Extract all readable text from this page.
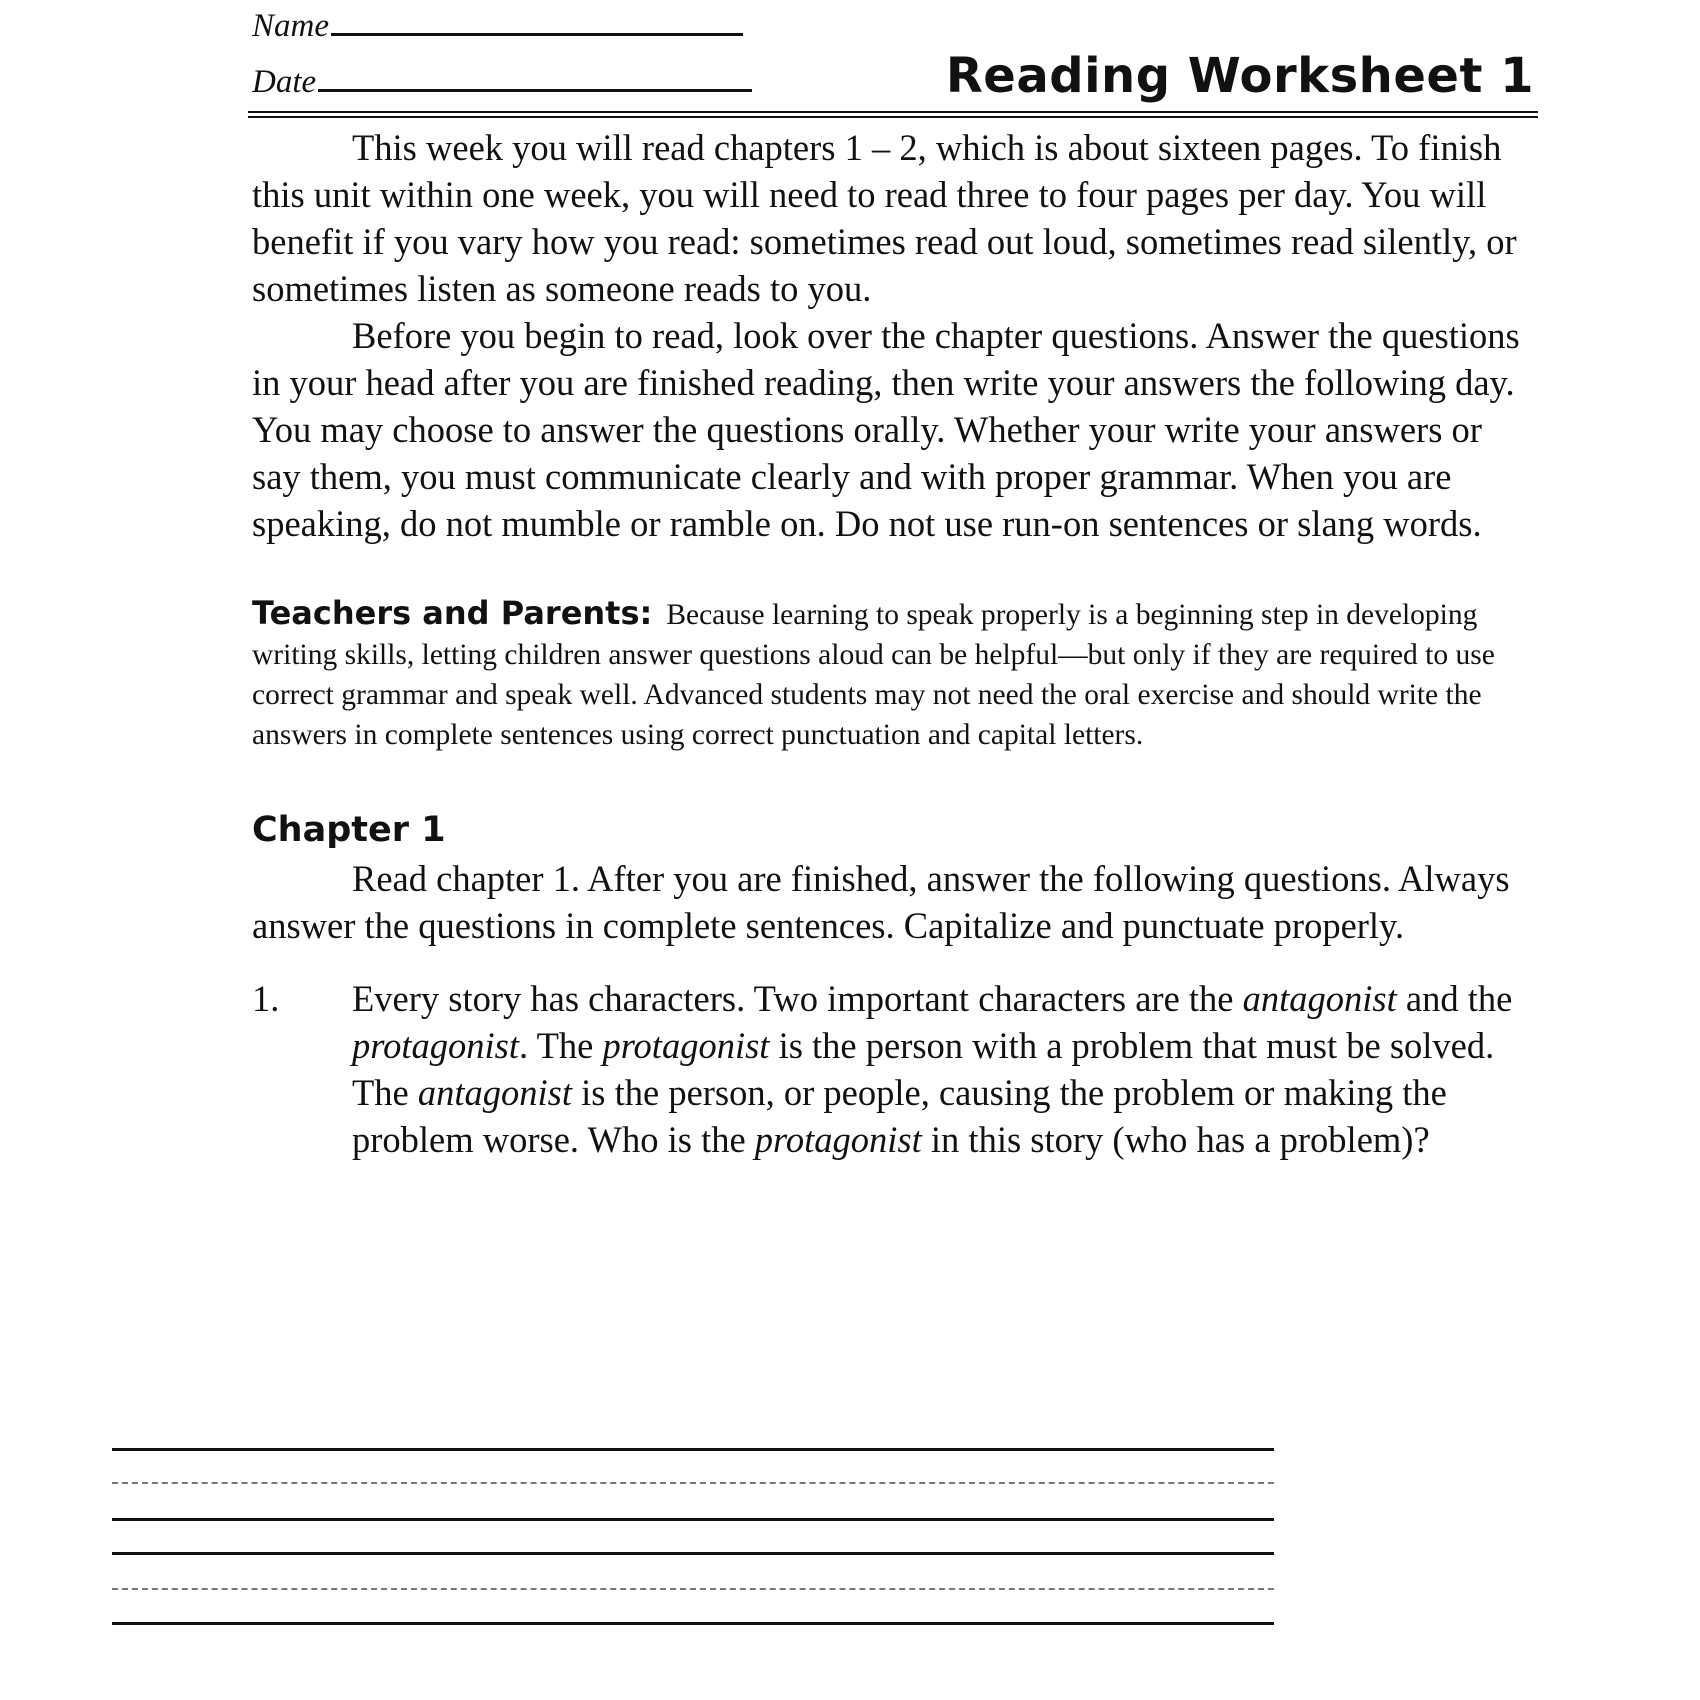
Name
Date	Reading Worksheet 1

This week you will read chapters 1 – 2, which is about sixteen pages. To finish this unit within one week, you will need to read three to four pages per day. You will benefit if you vary how you read: sometimes read out loud, sometimes read silently, or sometimes listen as someone reads to you.

Before you begin to read, look over the chapter questions. Answer the questions in your head after you are finished reading, then write your answers the following day. You may choose to answer the questions orally. Whether your write your answers or say them, you must communicate clearly and with proper grammar. When you are speaking, do not mumble or ramble on. Do not use run-on sentences or slang words.

Teachers and Parents: Because learning to speak properly is a beginning step in developing writing skills, letting children answer questions aloud can be helpful—but only if they are required to use correct grammar and speak well. Advanced students may not need the oral exercise and should write the answers in complete sentences using correct punctuation and capital letters.

Chapter 1

Read chapter 1. After you are finished, answer the following questions. Always answer the questions in complete sentences. Capitalize and punctuate properly.

1.	Every story has characters. Two important characters are the antagonist and the protagonist. The protagonist is the person with a problem that must be solved. The antagonist is the person, or people, causing the problem or making the problem worse. Who is the protagonist in this story (who has a problem)?
